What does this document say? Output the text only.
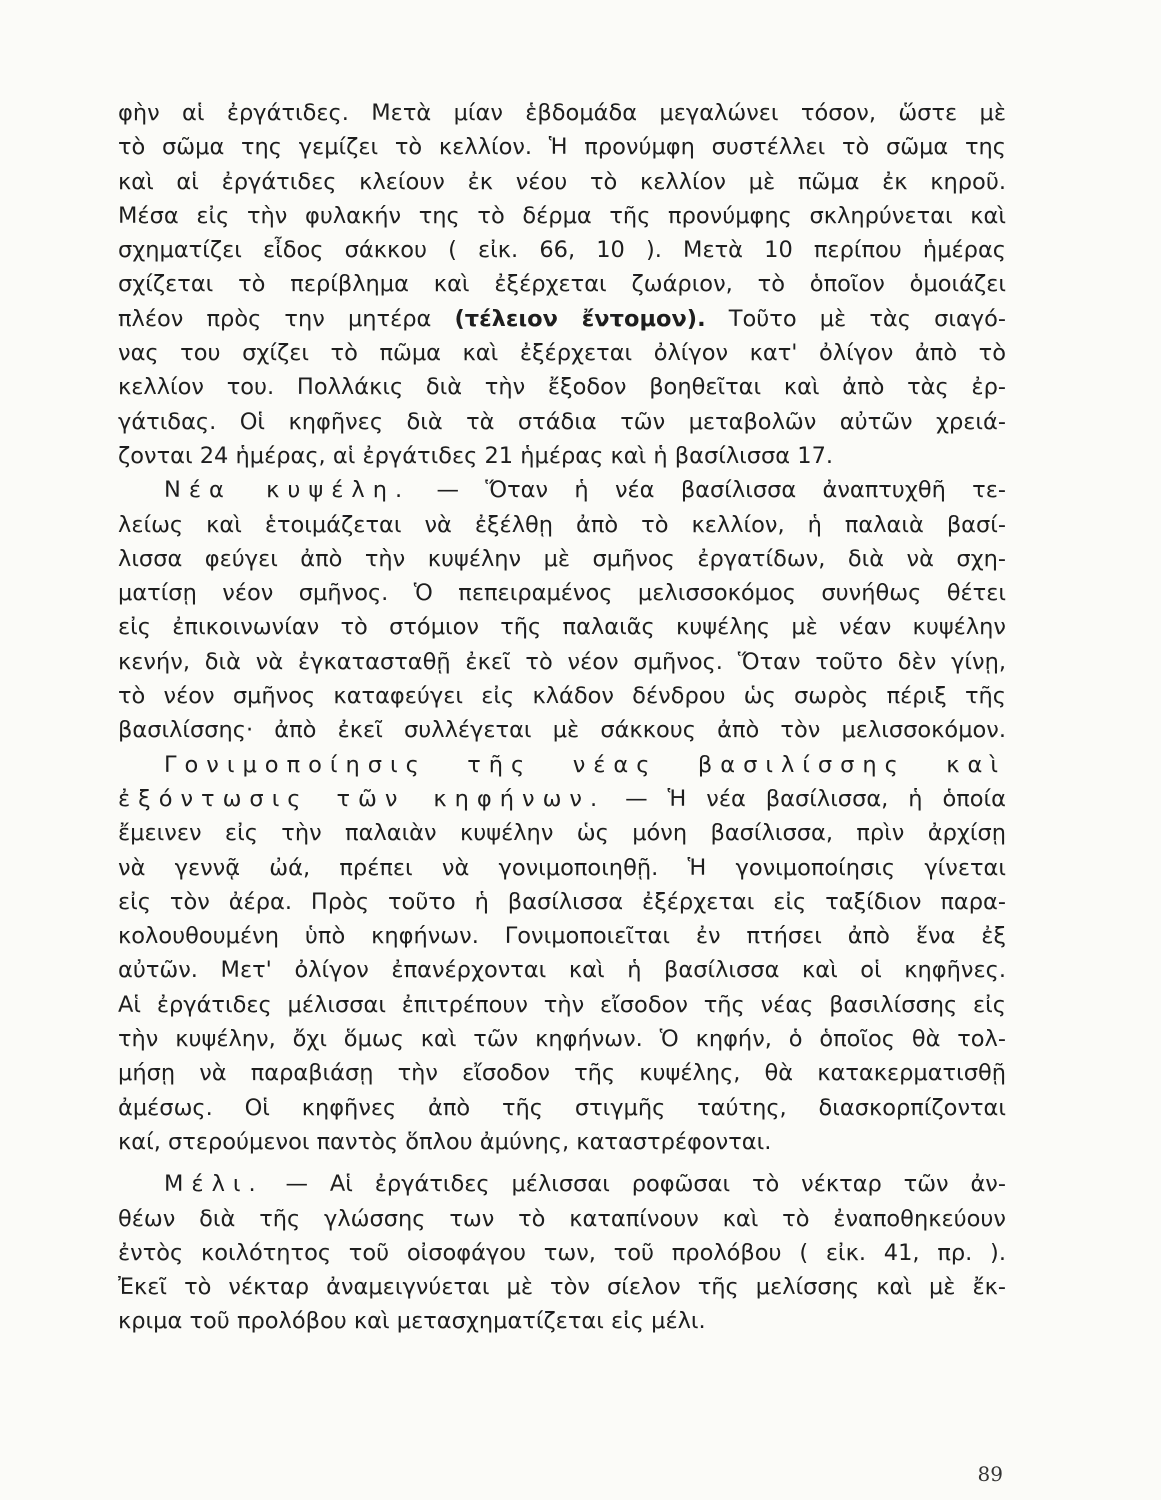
φὴν αἱ ἐργάτιδες. Μετὰ μίαν ἑβδομάδα μεγαλώνει τόσον, ὥστε μὲ
τὸ σῶμα της γεμίζει τὸ κελλίον. Ἡ προνύμφη συστέλλει τὸ σῶμα της
καὶ αἱ ἐργάτιδες κλείουν ἐκ νέου τὸ κελλίον μὲ πῶμα ἐκ κηροῦ.
Μέσα εἰς τὴν φυλακήν της τὸ δέρμα τῆς προνύμφης σκληρύνεται καὶ
σχηματίζει εἶδος σάκκου ( εἰκ. 66, 10 ). Μετὰ 10 περίπου ἡμέρας
σχίζεται τὸ περίβλημα καὶ ἐξέρχεται ζωάριον, τὸ ὁποῖον ὁμοιάζει
πλέον πρὸς την μητέρα (τέλειον ἔντομον). Τοῦτο μὲ τὰς σιαγό-
νας του σχίζει τὸ πῶμα καὶ ἐξέρχεται ὀλίγον κατ' ὀλίγον ἀπὸ τὸ
κελλίον του. Πολλάκις διὰ τὴν ἔξοδον βοηθεῖται καὶ ἀπὸ τὰς ἐρ-
γάτιδας. Οἱ κηφῆνες διὰ τὰ στάδια τῶν μεταβολῶν αὐτῶν χρειά-
ζονται 24 ἡμέρας, αἱ ἐργάτιδες 21 ἡμέρας καὶ ἡ βασίλισσα 17.
Νέα κυψέλη. — Ὅταν ἡ νέα βασίλισσα ἀναπτυχθῆ τε-
λείως καὶ ἑτοιμάζεται νὰ ἐξέλθῃ ἀπὸ τὸ κελλίον, ἡ παλαιὰ βασί-
λισσα φεύγει ἀπὸ τὴν κυψέλην μὲ σμῆνος ἐργατίδων, διὰ νὰ σχη-
ματίσῃ νέον σμῆνος. Ὁ πεπειραμένος μελισσοκόμος συνήθως θέτει
εἰς ἐπικοινωνίαν τὸ στόμιον τῆς παλαιᾶς κυψέλης μὲ νέαν κυψέλην
κενήν, διὰ νὰ ἐγκατασταθῇ ἐκεῖ τὸ νέον σμῆνος. Ὅταν τοῦτο δὲν γίνῃ,
τὸ νέον σμῆνος καταφεύγει εἰς κλάδον δένδρου ὡς σωρὸς πέριξ τῆς
βασιλίσσης· ἀπὸ ἐκεῖ συλλέγεται μὲ σάκκους ἀπὸ τὸν μελισσοκόμον.
Γονιμοποίησις τῆς νέας βασιλίσσης καὶ
ἐξόντωσις τῶν κηφήνων. — Ἡ νέα βασίλισσα, ἡ ὁποία
ἔμεινεν εἰς τὴν παλαιὰν κυψέλην ὡς μόνη βασίλισσα, πρὶν ἀρχίσῃ
νὰ γεννᾷ ὠά, πρέπει νὰ γονιμοποιηθῇ. Ἡ γονιμοποίησις γίνεται
εἰς τὸν ἀέρα. Πρὸς τοῦτο ἡ βασίλισσα ἐξέρχεται εἰς ταξίδιον παρα-
κολουθουμένη ὑπὸ κηφήνων. Γονιμοποιεῖται ἐν πτήσει ἀπὸ ἕνα ἐξ
αὐτῶν. Μετ' ὀλίγον ἐπανέρχονται καὶ ἡ βασίλισσα καὶ οἱ κηφῆνες.
Αἱ ἐργάτιδες μέλισσαι ἐπιτρέπουν τὴν εἴσοδον τῆς νέας βασιλίσσης εἰς
τὴν κυψέλην, ὄχι ὅμως καὶ τῶν κηφήνων. Ὁ κηφήν, ὁ ὁποῖος θὰ τολ-
μήσῃ νὰ παραβιάσῃ τὴν εἴσοδον τῆς κυψέλης, θὰ κατακερματισθῇ
ἀμέσως. Οἱ κηφῆνες ἀπὸ τῆς στιγμῆς ταύτης, διασκορπίζονται
καί, στερούμενοι παντὸς ὅπλου ἀμύνης, καταστρέφονται.
Μέλι. — Αἱ ἐργάτιδες μέλισσαι ροφῶσαι τὸ νέκταρ τῶν ἀν-
θέων διὰ τῆς γλώσσης των τὸ καταπίνουν καὶ τὸ ἐναποθηκεύουν
ἐντὸς κοιλότητος τοῦ οἰσοφάγου των, τοῦ προλόβου ( εἰκ. 41, πρ. ).
Ἐκεῖ τὸ νέκταρ ἀναμειγνύεται μὲ τὸν σίελον τῆς μελίσσης καὶ μὲ ἔκ-
κριμα τοῦ προλόβου καὶ μετασχηματίζεται εἰς μέλι.
89
